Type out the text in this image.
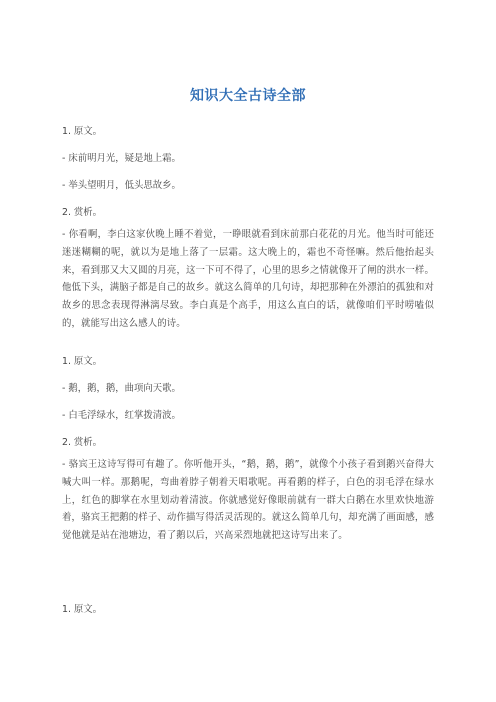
知识大全古诗全部
1. 原文。
- 床前明月光，疑是地上霜。
- 举头望明月，低头思故乡。
2. 赏析。
- 你看啊，李白这家伙晚上睡不着觉，一睁眼就看到床前那白花花的月光。他当时可能还迷迷糊糊的呢，就以为是地上落了一层霜。这大晚上的，霜也不奇怪嘛。然后他抬起头来，看到那又大又圆的月亮，这一下可不得了，心里的思乡之情就像开了闸的洪水一样。他低下头，满脑子都是自己的故乡。就这么简单的几句诗，却把那种在外漂泊的孤独和对故乡的思念表现得淋漓尽致。李白真是个高手，用这么直白的话，就像咱们平时唠嗑似的，就能写出这么感人的诗。
1. 原文。
- 鹅，鹅，鹅，曲项向天歌。
- 白毛浮绿水，红掌拨清波。
2. 赏析。
- 骆宾王这诗写得可有趣了。你听他开头，“鹅，鹅，鹅”，就像个小孩子看到鹅兴奋得大喊大叫一样。那鹅呢，弯曲着脖子朝着天唱歌呢。再看鹅的样子，白色的羽毛浮在绿水上，红色的脚掌在水里划动着清波。你就感觉好像眼前就有一群大白鹅在水里欢快地游着，骆宾王把鹅的样子、动作描写得活灵活现的。就这么简单几句，却充满了画面感，感觉他就是站在池塘边，看了鹅以后，兴高采烈地就把这诗写出来了。
1. 原文。
